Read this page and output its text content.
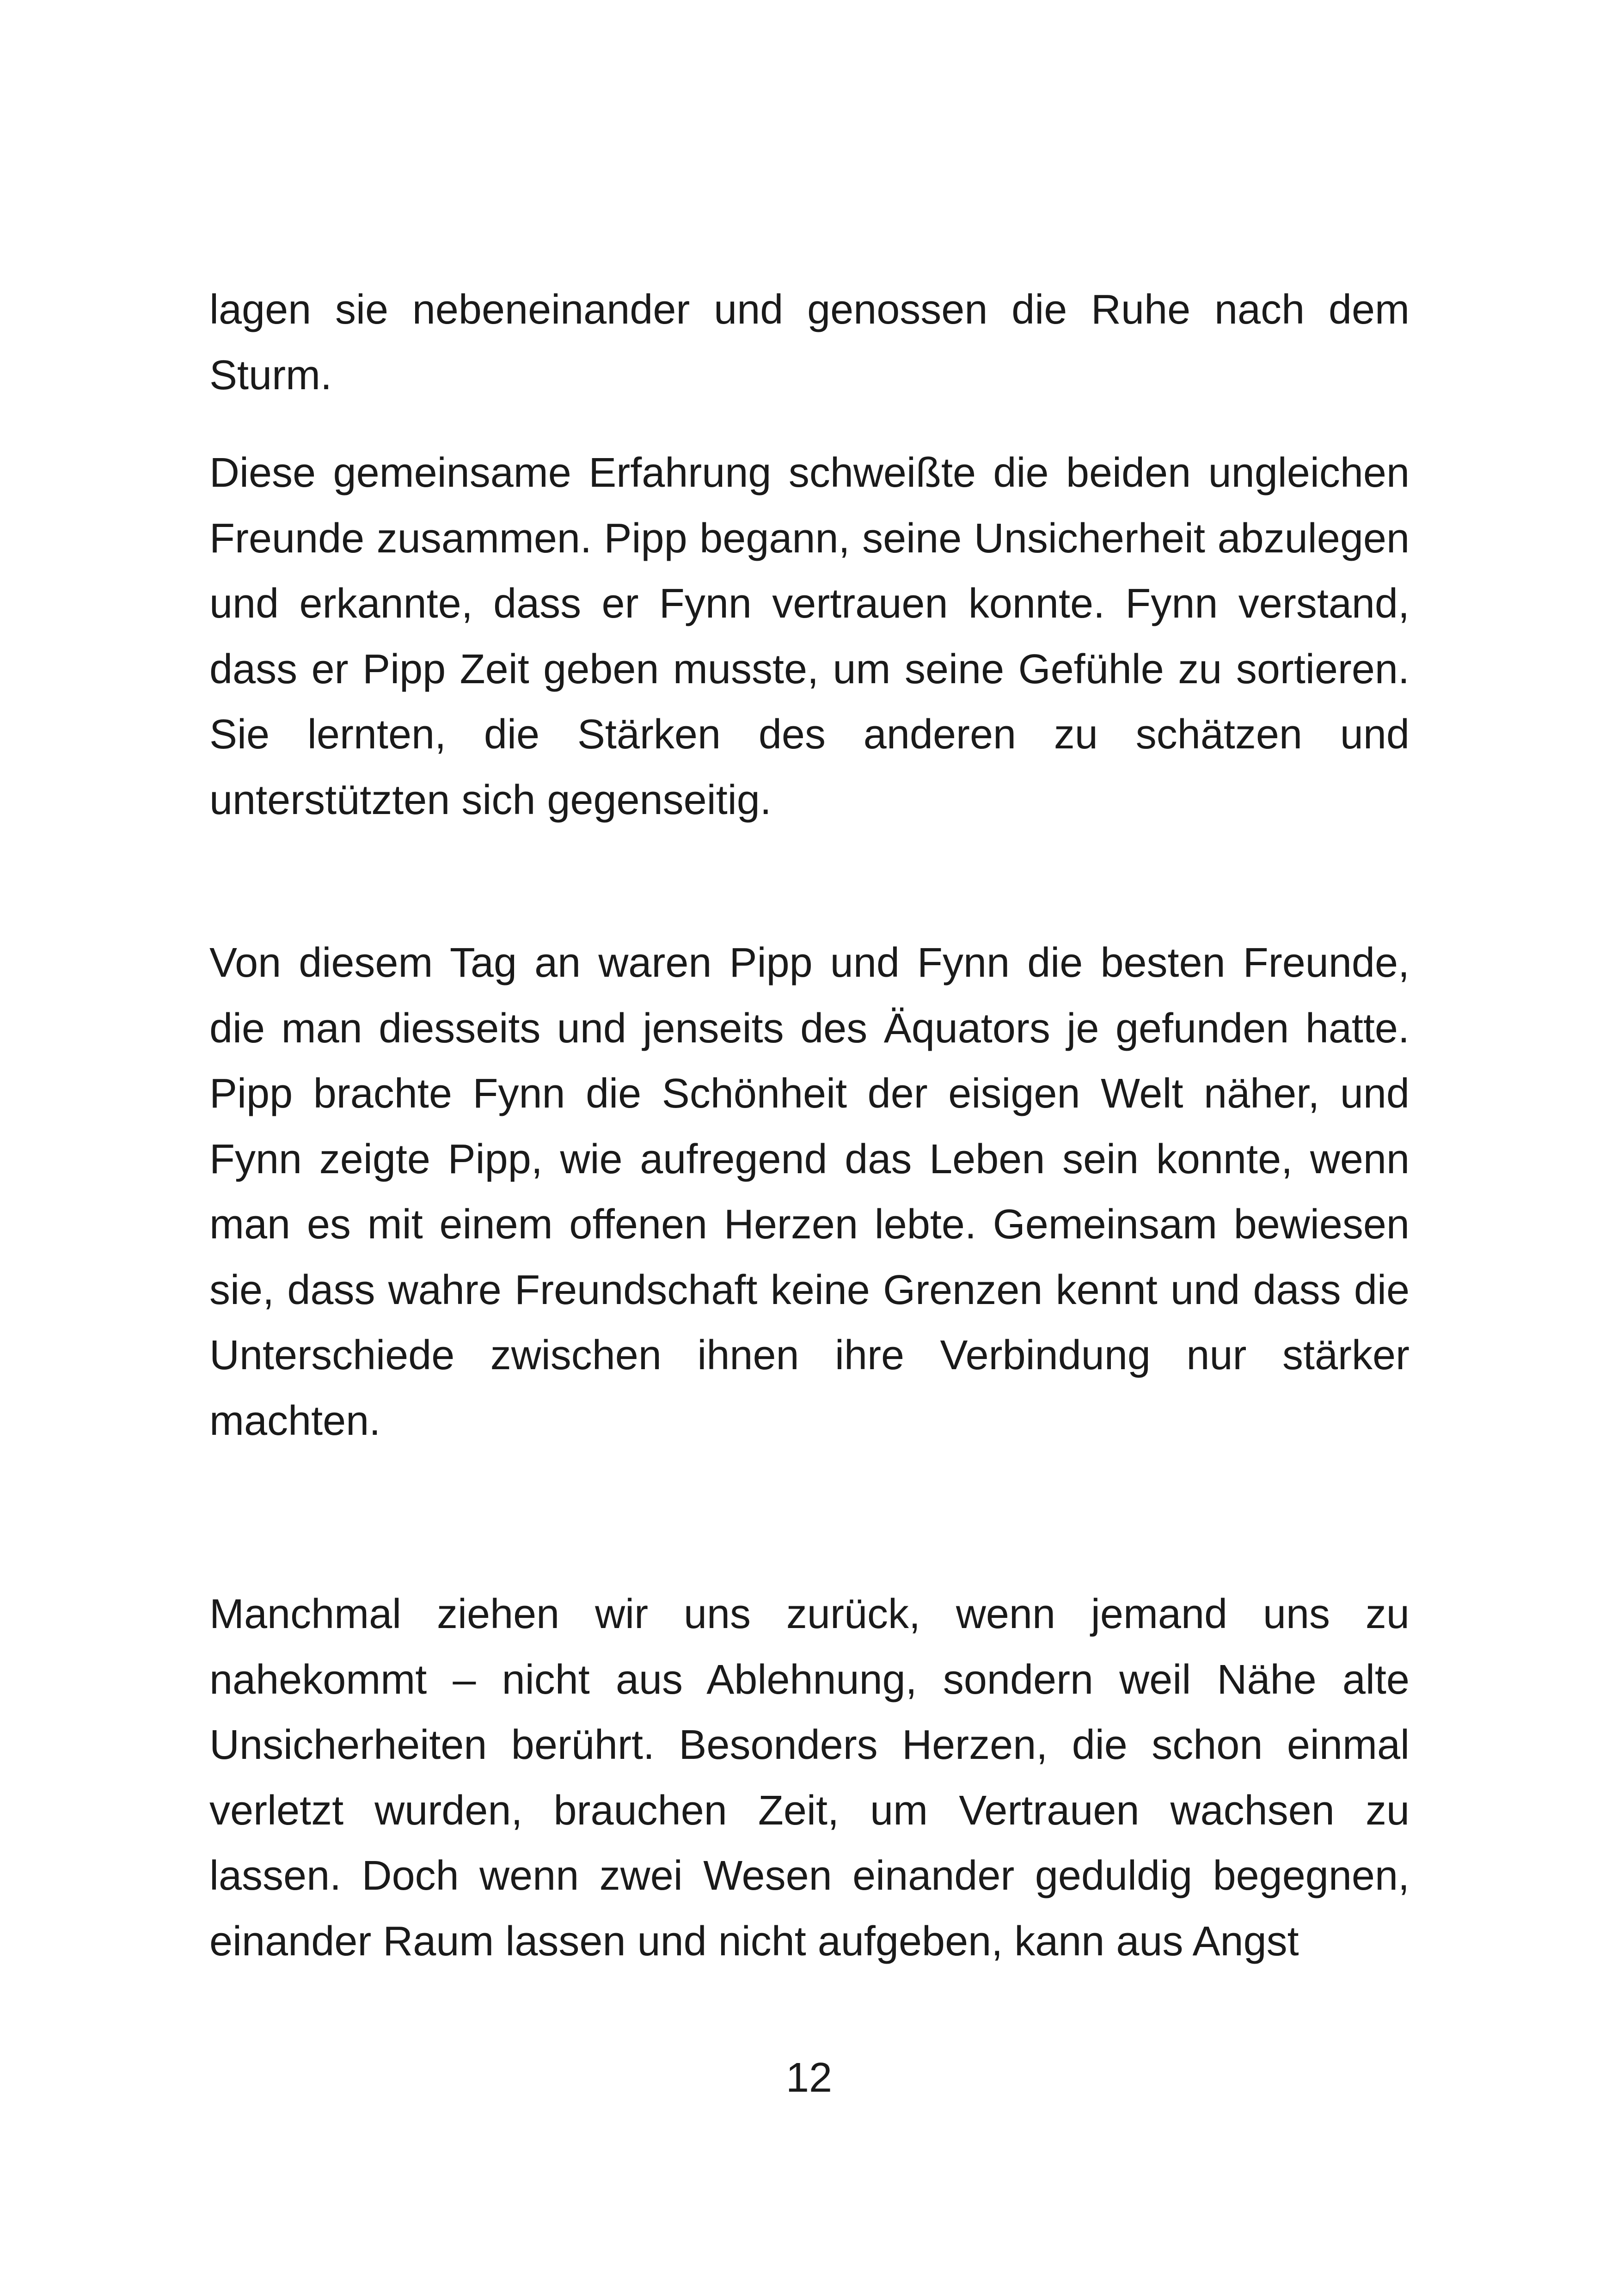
lagen sie nebeneinander und genossen die Ruhe nach dem Sturm.

Diese gemeinsame Erfahrung schweißte die beiden ungleichen Freunde zusammen. Pipp begann, seine Unsicherheit abzulegen und erkannte, dass er Fynn vertrauen konnte. Fynn verstand, dass er Pipp Zeit geben musste, um seine Gefühle zu sortieren. Sie lernten, die Stärken des anderen zu schätzen und unterstützten sich gegenseitig.

Von diesem Tag an waren Pipp und Fynn die besten Freunde, die man diesseits und jenseits des Äquators je gefunden hatte. Pipp brachte Fynn die Schönheit der eisigen Welt näher, und Fynn zeigte Pipp, wie aufregend das Leben sein konnte, wenn man es mit einem offenen Herzen lebte. Gemeinsam bewiesen sie, dass wahre Freundschaft keine Grenzen kennt und dass die Unterschiede zwischen ihnen ihre Verbindung nur stärker machten.

Manchmal ziehen wir uns zurück, wenn jemand uns zu nahekommt – nicht aus Ablehnung, sondern weil Nähe alte Unsicherheiten berührt. Besonders Herzen, die schon einmal verletzt wurden, brauchen Zeit, um Vertrauen wachsen zu lassen. Doch wenn zwei Wesen einander geduldig begegnen, einander Raum lassen und nicht aufgeben, kann aus Angst

12
